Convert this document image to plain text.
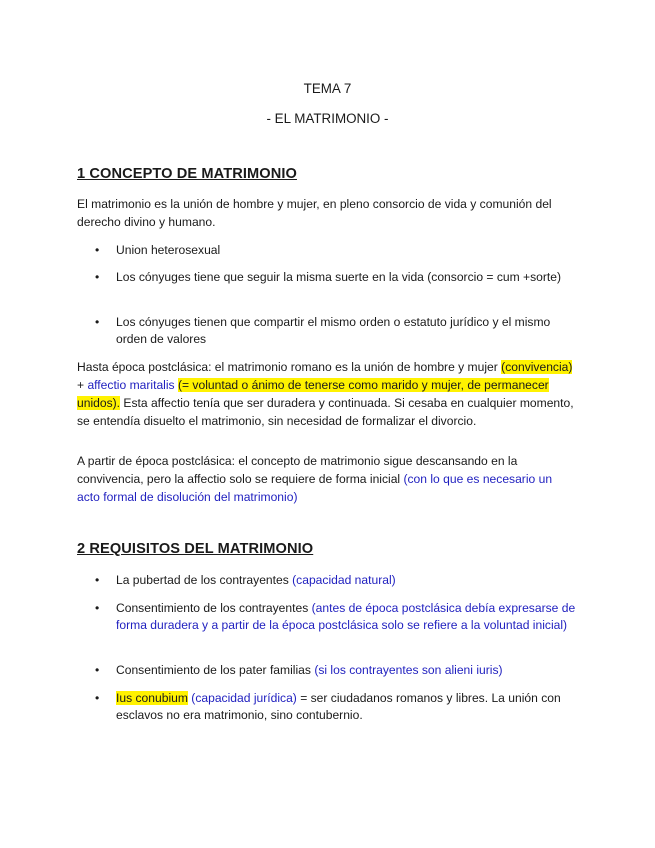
TEMA 7
- EL MATRIMONIO -
1 CONCEPTO DE MATRIMONIO
El matrimonio es la unión de hombre y mujer, en pleno consorcio de vida y comunión del derecho divino y humano.
• Union heterosexual
• Los cónyuges tiene que seguir la misma suerte en la vida (consorcio = cum +sorte)
• Los cónyuges tienen que compartir el mismo orden o estatuto jurídico y el mismo orden de valores
Hasta época postclásica: el matrimonio romano es la unión de hombre y mujer (convivencia) + affectio maritalis (= voluntad o ánimo de tenerse como marido y mujer, de permanecer unidos). Esta affectio tenía que ser duradera y continuada. Si cesaba en cualquier momento, se entendía disuelto el matrimonio, sin necesidad de formalizar el divorcio.
A partir de época postclásica: el concepto de matrimonio sigue descansando en la convivencia, pero la affectio solo se requiere de forma inicial (con lo que es necesario un acto formal de disolución del matrimonio)
2 REQUISITOS DEL MATRIMONIO
• La pubertad de los contrayentes (capacidad natural)
• Consentimiento de los contrayentes (antes de época postclásica debía expresarse de forma duradera y a partir de la época postclásica solo se refiere a la voluntad inicial)
• Consentimiento de los pater familias (si los contrayentes son alieni iuris)
• Ius conubium (capacidad jurídica) = ser ciudadanos romanos y libres. La unión con esclavos no era matrimonio, sino contubernio.
